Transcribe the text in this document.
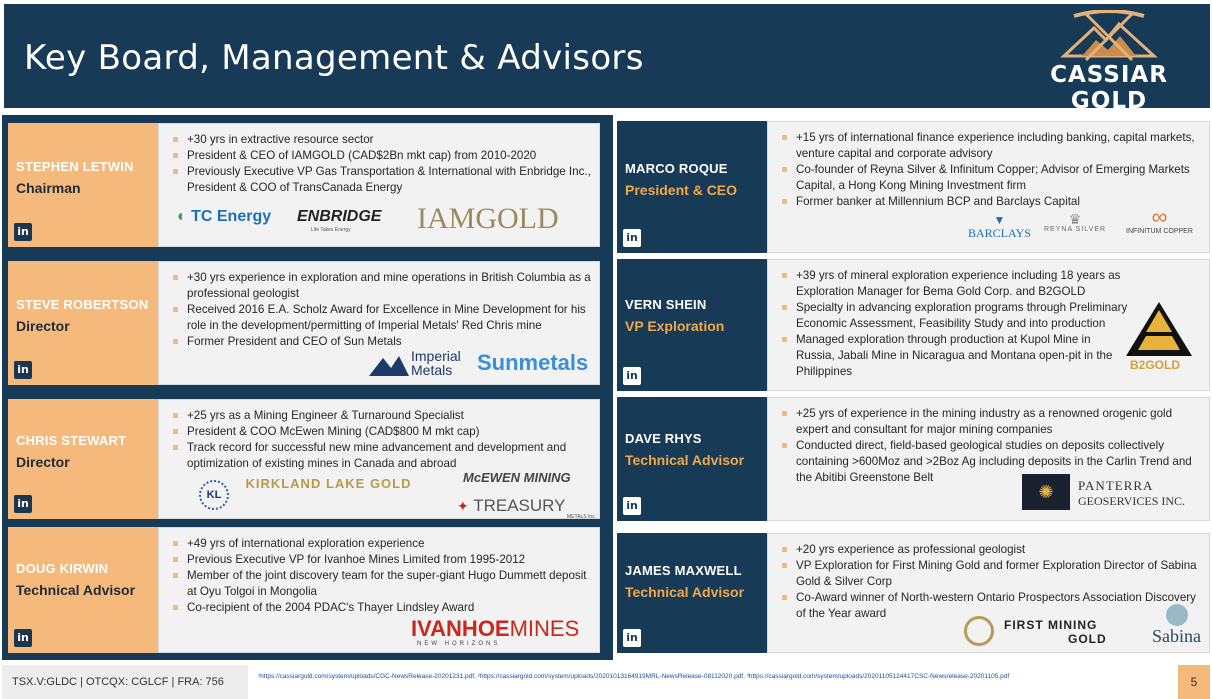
Key Board, Management & Advisors	CASSIAR GOLD
STEPHEN LETWIN
Chairman
in
+30 yrs in extractive resource sector
President & CEO of IAMGOLD (CAD$2Bn mkt cap) from 2010-2020
Previously Executive VP Gas Transportation & International with Enbridge Inc., President & COO of TransCanada Energy
◐ TC Energy ENBRIDGE
Life Takes Energy IAMGOLD
STEVE ROBERTSON
Director
in
+30 yrs experience in exploration and mine operations in British Columbia as a professional geologist
Received 2016 E.A. Scholz Award for Excellence in Mine Development for his role in the development/permitting of Imperial Metals' Red Chris mine
Former President and CEO of Sun Metals
Imperial
Metals Sunmetals
CHRIS STEWART
Director
in
+25 yrs as a Mining Engineer & Turnaround Specialist
President & COO McEwen Mining (CAD$800 M mkt cap)
Track record for successful new mine advancement and development and optimization of existing mines in Canada and abroad
KL $^{KIRKLAND LAKE GOLD}$	McEWEN MINING
✦ TREASURY
METALS Inc.
DOUG KIRWIN
Technical Advisor
in
+49 yrs of international exploration experience
Previous Executive VP for Ivanhoe Mines Limited from 1995-2012
Member of the joint discovery team for the super-giant Hugo Dummett deposit at Oyu Tolgoi in Mongolia
Co-recipient of the 2004 PDAC's Thayer Lindsley Award
IVANHOEMINES
NEW HORIZONS
MARCO ROQUE
President & CEO
in
+15 yrs of international finance experience including banking, capital markets, venture capital and corporate advisory
Co-founder of Reyna Silver & Infinitum Copper; Advisor of Emerging Markets Capital, a Hong Kong Mining Investment firm
Former banker at Millennium BCP and Barclays Capital
▼
BARCLAYS
♛
REYNA SILVER
∞
INFINITUM COPPER
VERN SHEIN
VP Exploration
in
+39 yrs of mineral exploration experience including 18 years as Exploration Manager for Bema Gold Corp. and B2GOLD
Specialty in advancing exploration programs through Preliminary Economic Assessment, Feasibility Study and into production
Managed exploration through production at Kupol Mine in Russia, Jabali Mine in Nicaragua and Montana open-pit in the Philippines	B2GOLD
DAVE RHYS
Technical Advisor
in
+25 yrs of experience in the mining industry as a renowned orogenic gold expert and consultant for major mining companies
Conducted direct, field-based geological studies on deposits collectively containing >600Moz and >2Boz Ag including deposits in the Carlin Trend and the Abitibi Greenstone Belt
✺	PANTERRA
GEOSERVICES INC.
JAMES MAXWELL
Technical Advisor
in
+20 yrs experience as professional geologist
VP Exploration for First Mining Gold and former Exploration Director of Sabina Gold & Silver Corp
Co-Award winner of North-western Ontario Prospectors Association Discovery of the Year award
FIRST MINING
GOLD	Sabina
TSX.V:GLDC | OTCQX: CGLCF | FRA: 756	¹https://cassiargold.com/system/uploads/CGC-NewsRelease-20201231.pdf, ²https://cassiargold.com/system/uploads/20201013164919MRL-NewsRelease-08112020.pdf, ³https://cassiargold.com/system/uploads/20201105124417CSC-Newsrelease-20201105.pdf	5
